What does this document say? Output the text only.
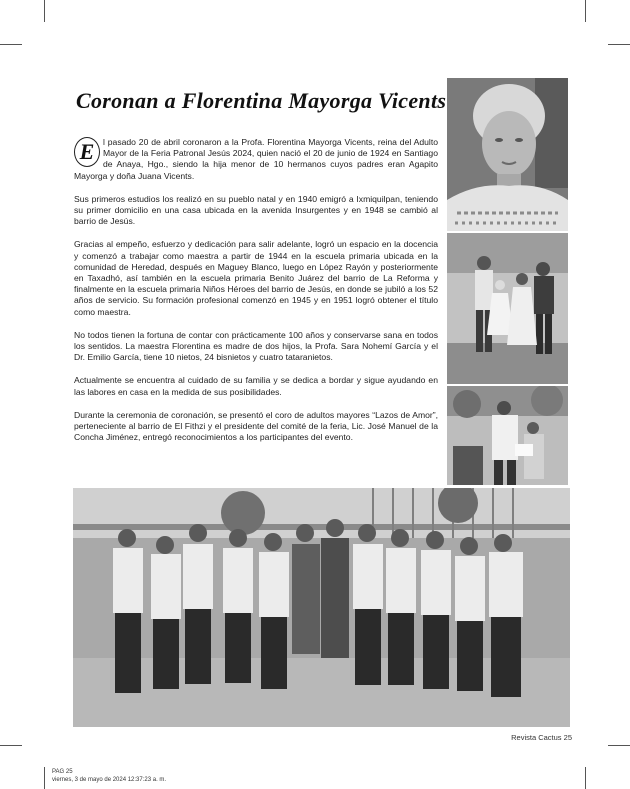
Coronan a Florentina Mayorga Vicents

E	l pasado 20 de abril coronaron a la Profa. Florentina Mayorga Vicents, reina del Adulto Mayor de la Feria Patronal Jesús 2024, quien nació el 20 de junio de 1924 en Santiago de Anaya, Hgo., siendo la hija menor de 10 hermanos cuyos padres eran Agapito Mayorga y doña Juana Vicents.

Sus primeros estudios los realizó en su pueblo natal y en 1940 emigró a Ixmiquilpan, teniendo su primer domicilio en una casa ubicada en la avenida Insurgentes y en 1948 se cambió al barrio de Jesús.

Gracias al empeño, esfuerzo y dedicación para salir adelante, logró un espacio en la docencia y comenzó a trabajar como maestra a partir de 1944 en la escuela primaria ubicada en la comunidad de Heredad, después en Maguey Blanco, luego en López Rayón y posteriormente en Taxadhó, así también en la escuela primaria Benito Juárez del barrio de La Reforma y finalmente en la escuela primaria Niños Héroes del barrio de Jesús, en donde se jubiló a los 52 años de servicio. Su formación profesional comenzó en 1945 y en 1951 logró obtener el título como maestra.

No todos tienen la fortuna de contar con prácticamente 100 años y conservarse sana en todos los sentidos. La maestra Florentina es madre de dos hijos, la Profa. Sara Nohemí García y el Dr. Emilio García, tiene 10 nietos, 24 bisnietos y cuatro tataranietos.

Actualmente se encuentra al cuidado de su familia y se dedica a bordar y sigue ayudando en las labores en casa en la medida de sus posibilidades.

Durante la ceremonia de coronación, se presentó el coro de adultos mayores “Lazos de Amor”, perteneciente al barrio de El Fithzi y el presidente del comité de la feria, Lic. José Manuel de la Concha Jiménez, entregó reconocimientos a los participantes del evento.

Revista Cactus 25
PAG 25
viernes, 3 de mayo de 2024 12:37:23 a. m.
